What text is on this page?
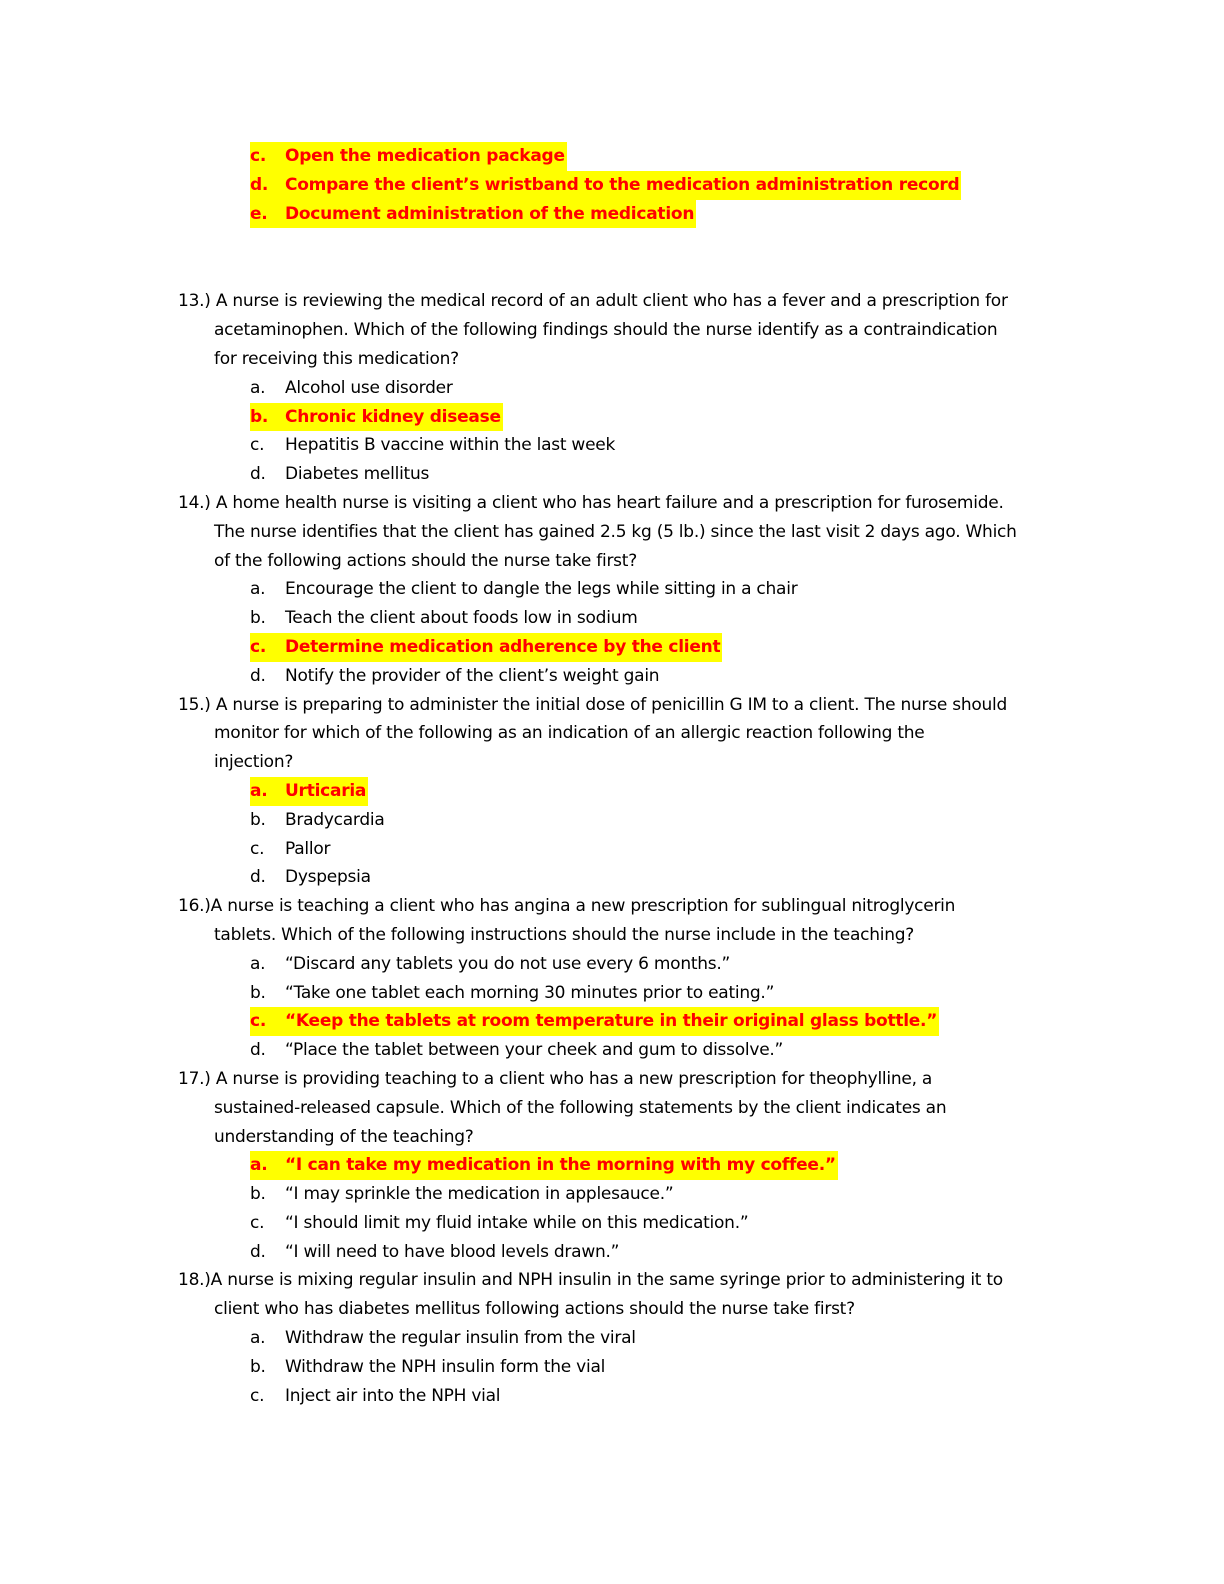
c. Open the medication package
d. Compare the client’s wristband to the medication administration record
e. Document administration of the medication
13.) A nurse is reviewing the medical record of an adult client who has a fever and a prescription for
acetaminophen. Which of the following findings should the nurse identify as a contraindication
for receiving this medication?
a. Alcohol use disorder
b. Chronic kidney disease
c. Hepatitis B vaccine within the last week
d. Diabetes mellitus
14.) A home health nurse is visiting a client who has heart failure and a prescription for furosemide.
The nurse identifies that the client has gained 2.5 kg (5 lb.) since the last visit 2 days ago. Which
of the following actions should the nurse take first?
a. Encourage the client to dangle the legs while sitting in a chair
b. Teach the client about foods low in sodium
c. Determine medication adherence by the client
d. Notify the provider of the client’s weight gain
15.) A nurse is preparing to administer the initial dose of penicillin G IM to a client. The nurse should
monitor for which of the following as an indication of an allergic reaction following the
injection?
a. Urticaria
b. Bradycardia
c. Pallor
d. Dyspepsia
16.)A nurse is teaching a client who has angina a new prescription for sublingual nitroglycerin
tablets. Which of the following instructions should the nurse include in the teaching?
a. “Discard any tablets you do not use every 6 months.”
b. “Take one tablet each morning 30 minutes prior to eating.”
c. “Keep the tablets at room temperature in their original glass bottle.”
d. “Place the tablet between your cheek and gum to dissolve.”
17.) A nurse is providing teaching to a client who has a new prescription for theophylline, a
sustained-released capsule. Which of the following statements by the client indicates an
understanding of the teaching?
a. “I can take my medication in the morning with my coffee.”
b. “I may sprinkle the medication in applesauce.”
c. “I should limit my fluid intake while on this medication.”
d. “I will need to have blood levels drawn.”
18.)A nurse is mixing regular insulin and NPH insulin in the same syringe prior to administering it to
client who has diabetes mellitus following actions should the nurse take first?
a. Withdraw the regular insulin from the viral
b. Withdraw the NPH insulin form the vial
c. Inject air into the NPH vial
